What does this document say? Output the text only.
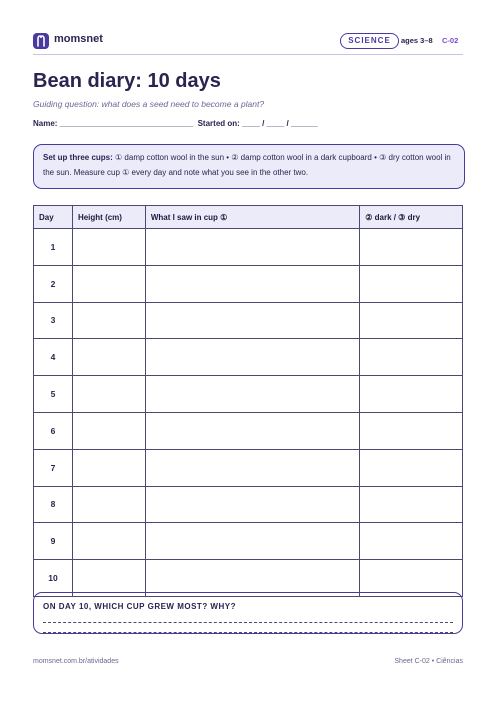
momsnet	SCIENCE	ages 3–8 C-02
Bean diary: 10 days
Guiding question: what does a seed need to become a plant?
Name: ______________________________  Started on: ____ / ____ / ______
Set up three cups: ① damp cotton wool in the sun • ② damp cotton wool in a dark cupboard • ③ dry cotton wool in the sun. Measure cup ① every day and note what you see in the other two.
Day	Height (cm)	What I saw in cup ①	② dark / ③ dry
1			
2			
3			
4			
5			
6			
7			
8			
9			
10			
ON DAY 10, WHICH CUP GREW MOST? WHY?
momsnet.com.br/atividades	Sheet C-02 • Ciências
